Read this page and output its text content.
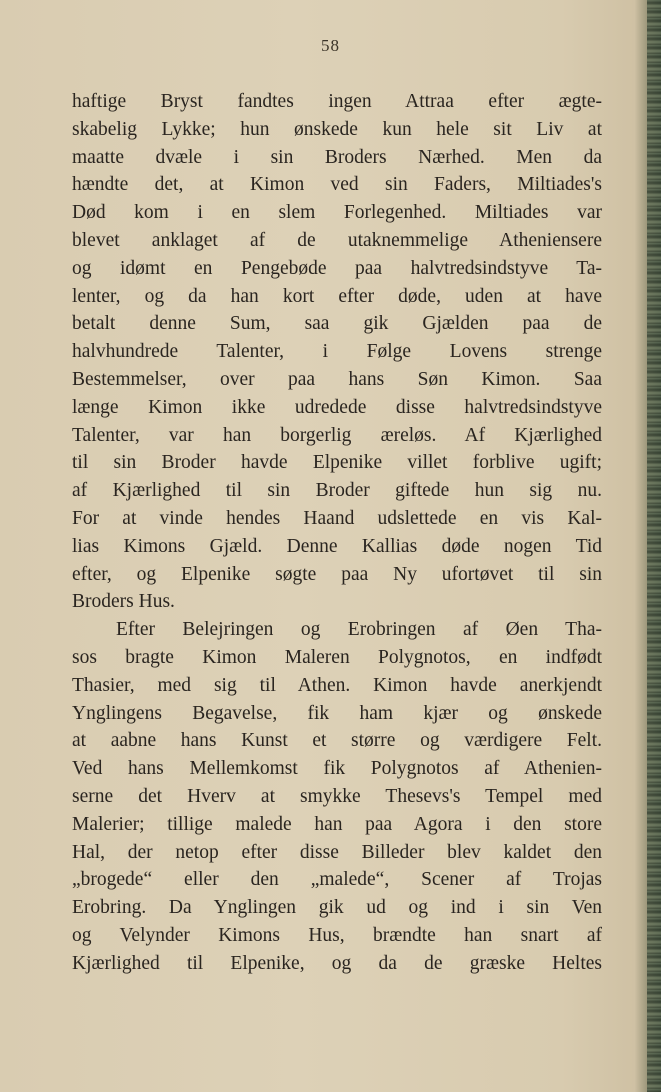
58
haftige Bryst fandtes ingen Attraa efter ægte-
skabelig Lykke; hun ønskede kun hele sit Liv at
maatte dvæle i sin Broders Nærhed. Men da
hændte det, at Kimon ved sin Faders, Miltiades's
Død kom i en slem Forlegenhed. Miltiades var
blevet anklaget af de utaknemmelige Atheniensere
og idømt en Pengebøde paa halvtredsindstyve Ta-
lenter, og da han kort efter døde, uden at have
betalt denne Sum, saa gik Gjælden paa de
halvhundrede Talenter, i Følge Lovens strenge
Bestemmelser, over paa hans Søn Kimon. Saa
længe Kimon ikke udredede disse halvtredsindstyve
Talenter, var han borgerlig æreløs. Af Kjærlighed
til sin Broder havde Elpenike villet forblive ugift;
af Kjærlighed til sin Broder giftede hun sig nu.
For at vinde hendes Haand udslettede en vis Kal-
lias Kimons Gjæld. Denne Kallias døde nogen Tid
efter, og Elpenike søgte paa Ny ufortøvet til sin
Broders Hus.
Efter Belejringen og Erobringen af Øen Tha-
sos bragte Kimon Maleren Polygnotos, en indfødt
Thasier, med sig til Athen. Kimon havde anerkjendt
Ynglingens Begavelse, fik ham kjær og ønskede
at aabne hans Kunst et større og værdigere Felt.
Ved hans Mellemkomst fik Polygnotos af Athenien-
serne det Hverv at smykke Thesevs's Tempel med
Malerier; tillige malede han paa Agora i den store
Hal, der netop efter disse Billeder blev kaldet den
„brogede“ eller den „malede“, Scener af Trojas
Erobring. Da Ynglingen gik ud og ind i sin Ven
og Velynder Kimons Hus, brændte han snart af
Kjærlighed til Elpenike, og da de græske Heltes
